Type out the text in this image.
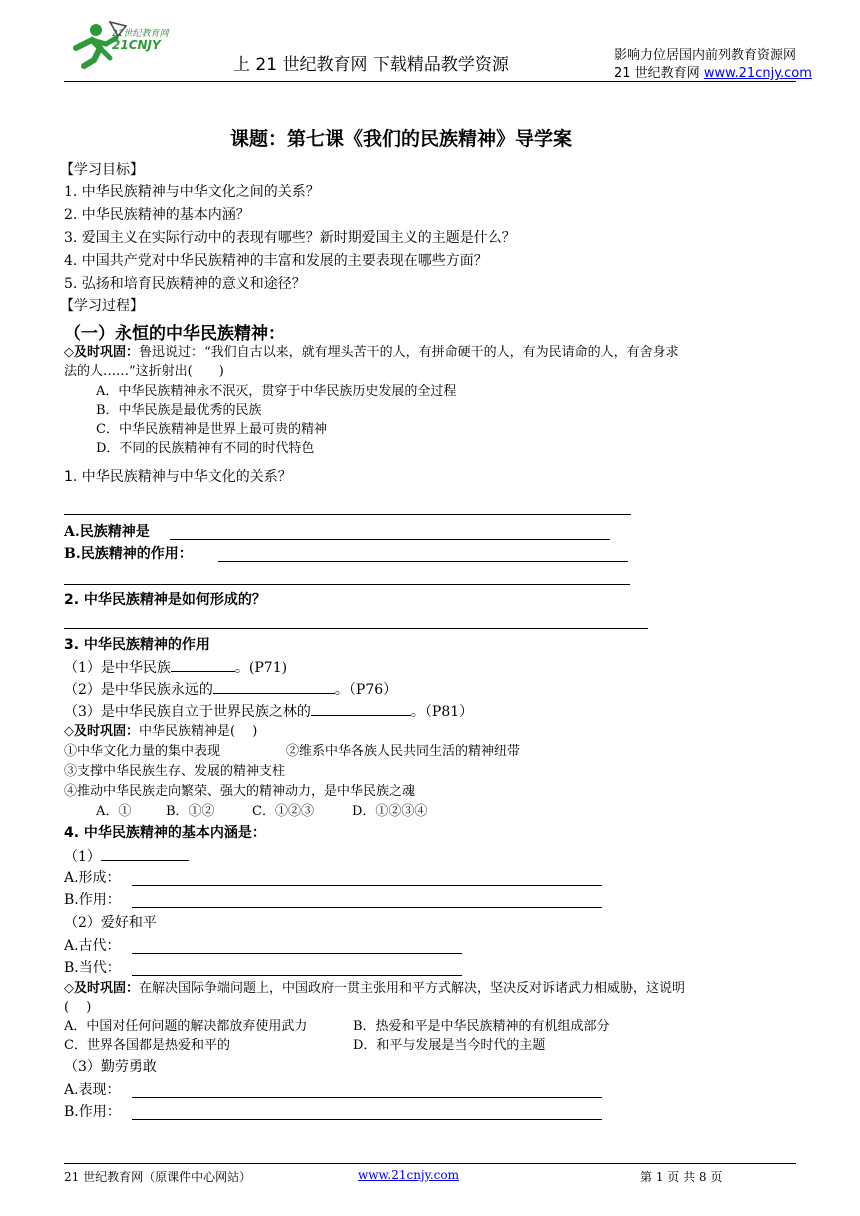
21世纪教育网
21CNJY
上 21 世纪教育网 下载精品教学资源	影响力位居国内前列教育资源网
21 世纪教育网 www.21cnjy.com
课题：第七课《我们的民族精神》导学案
【学习目标】
1. 中华民族精神与中华文化之间的关系？
2. 中华民族精神的基本内涵？
3. 爱国主义在实际行动中的表现有哪些？新时期爱国主义的主题是什么？
4. 中国共产党对中华民族精神的丰富和发展的主要表现在哪些方面？
5. 弘扬和培育民族精神的意义和途径？
【学习过程】
（一）永恒的中华民族精神：
◇及时巩固：鲁迅说过：“我们自古以来，就有埋头苦干的人，有拼命硬干的人，有为民请命的人，有舍身求
法的人……”这折射出(　　)
A．中华民族精神永不泯灭，贯穿于中华民族历史发展的全过程
B．中华民族是最优秀的民族
C．中华民族精神是世界上最可贵的精神
D．不同的民族精神有不同的时代特色
1. 中华民族精神与中华文化的关系？
A.民族精神是
B.民族精神的作用：
2. 中华民族精神是如何形成的？
3. 中华民族精神的作用
（1）是中华民族	。(P71)
（2）是中华民族永远的	。（P76）
（3）是中华民族自立于世界民族之林的	。（P81）
◇及时巩固：中华民族精神是(　 )
①中华文化力量的集中表现	②维系中华各族人民共同生活的精神纽带
③支撑中华民族生存、发展的精神支柱
④推动中华民族走向繁荣、强大的精神动力，是中华民族之魂
A．①	B．①②	C．①②③	D．①②③④
4. 中华民族精神的基本内涵是：
（1）
A.形成：
B.作用：
（2）爱好和平
A.古代：
B.当代：
◇及时巩固：在解决国际争端问题上，中国政府一贯主张用和平方式解决，坚决反对诉诸武力相威胁，这说明
(　 )
A．中国对任何问题的解决都放弃使用武力	B．热爱和平是中华民族精神的有机组成部分
C．世界各国都是热爱和平的	D．和平与发展是当今时代的主题
（3）勤劳勇敢
A.表现：
B.作用：
21 世纪教育网（原课件中心网站）	www.21cnjy.com	第 1 页 共 8 页
